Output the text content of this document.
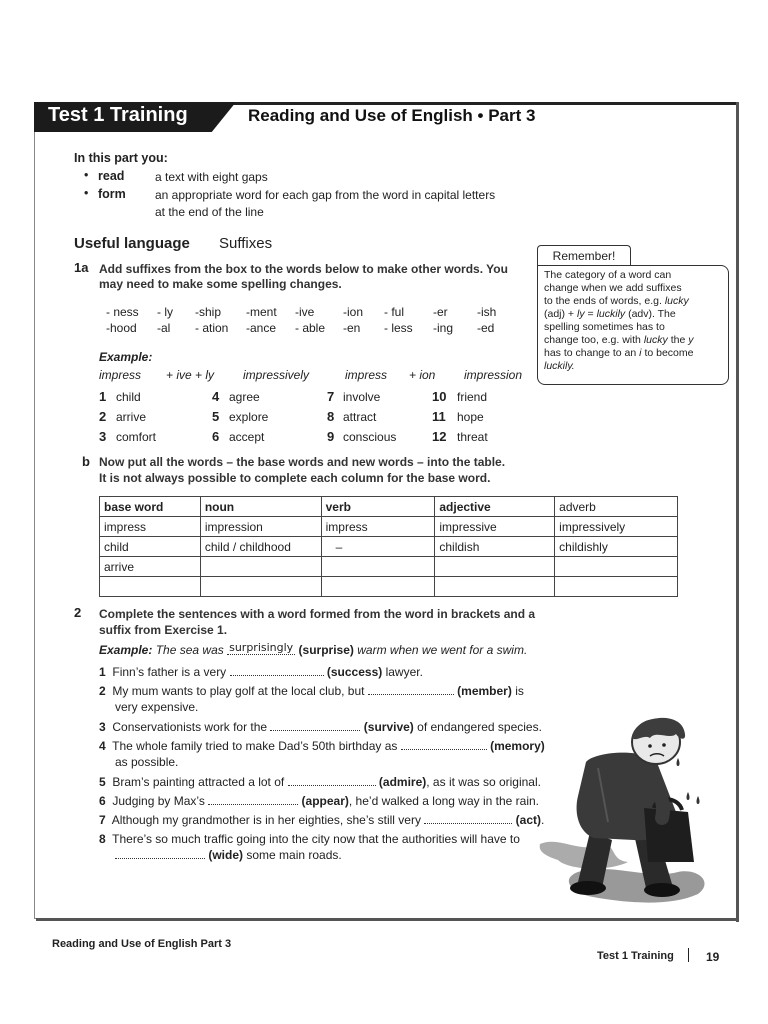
Test 1 Training	Reading and Use of English • Part 3
In this part you:
• read	a text with eight gaps
• form an appropriate word for each gap from the word in capital letters
at the end of the line
Useful language Suffixes
1a Add suffixes from the box to the words below to make other words. You
may need to make some spelling changes.
- ness - ly -ship -ment -ive -ion - ful -er -ish
-hood -al - ation -ance - able -en - less -ing -ed
Example:
impress + ive + ly impressively	impress + ion impression
1 child	4 agree	7 involve	10 friend
2 arrive	5 explore	8 attract	11 hope
3 comfort	6 accept	9 conscious	12 threat
Remember!
The category of a word can
change when we add suffixes
to the ends of words, e.g. lucky
(adj) + ly = luckily (adv). The
spelling sometimes has to
change too, e.g. with lucky the y
has to change to an i to become
luckily.
b Now put all the words – the base words and new words – into the table.
It is not always possible to complete each column for the base word.
base word	noun	verb	adjective	adverb
impress	impression	impress	impressive	impressively
child	child / childhood	–	childish	childishly
arrive				

2 Complete the sentences with a word formed from the word in brackets and a
suffix from Exercise 1.
Example: The sea was surprisingly (surprise) warm when we went for a swim.
1 Finn’s father is a very	(success) lawyer.
2 My mum wants to play golf at the local club, but	(member) is
very expensive.
3 Conservationists work for the	(survive) of endangered species.
4 The whole family tried to make Dad’s 50th birthday as	(memory)
as possible.
5 Bram’s painting attracted a lot of	(admire), as it was so original.
6 Judging by Max’s	(appear), he’d walked a long way in the rain.
7 Although my grandmother is in her eighties, she’s still very	(act).
8 There’s so much traffic going into the city now that the authorities will have to
(wide) some main roads.
Reading and Use of English Part 3
Test 1 Training	19
